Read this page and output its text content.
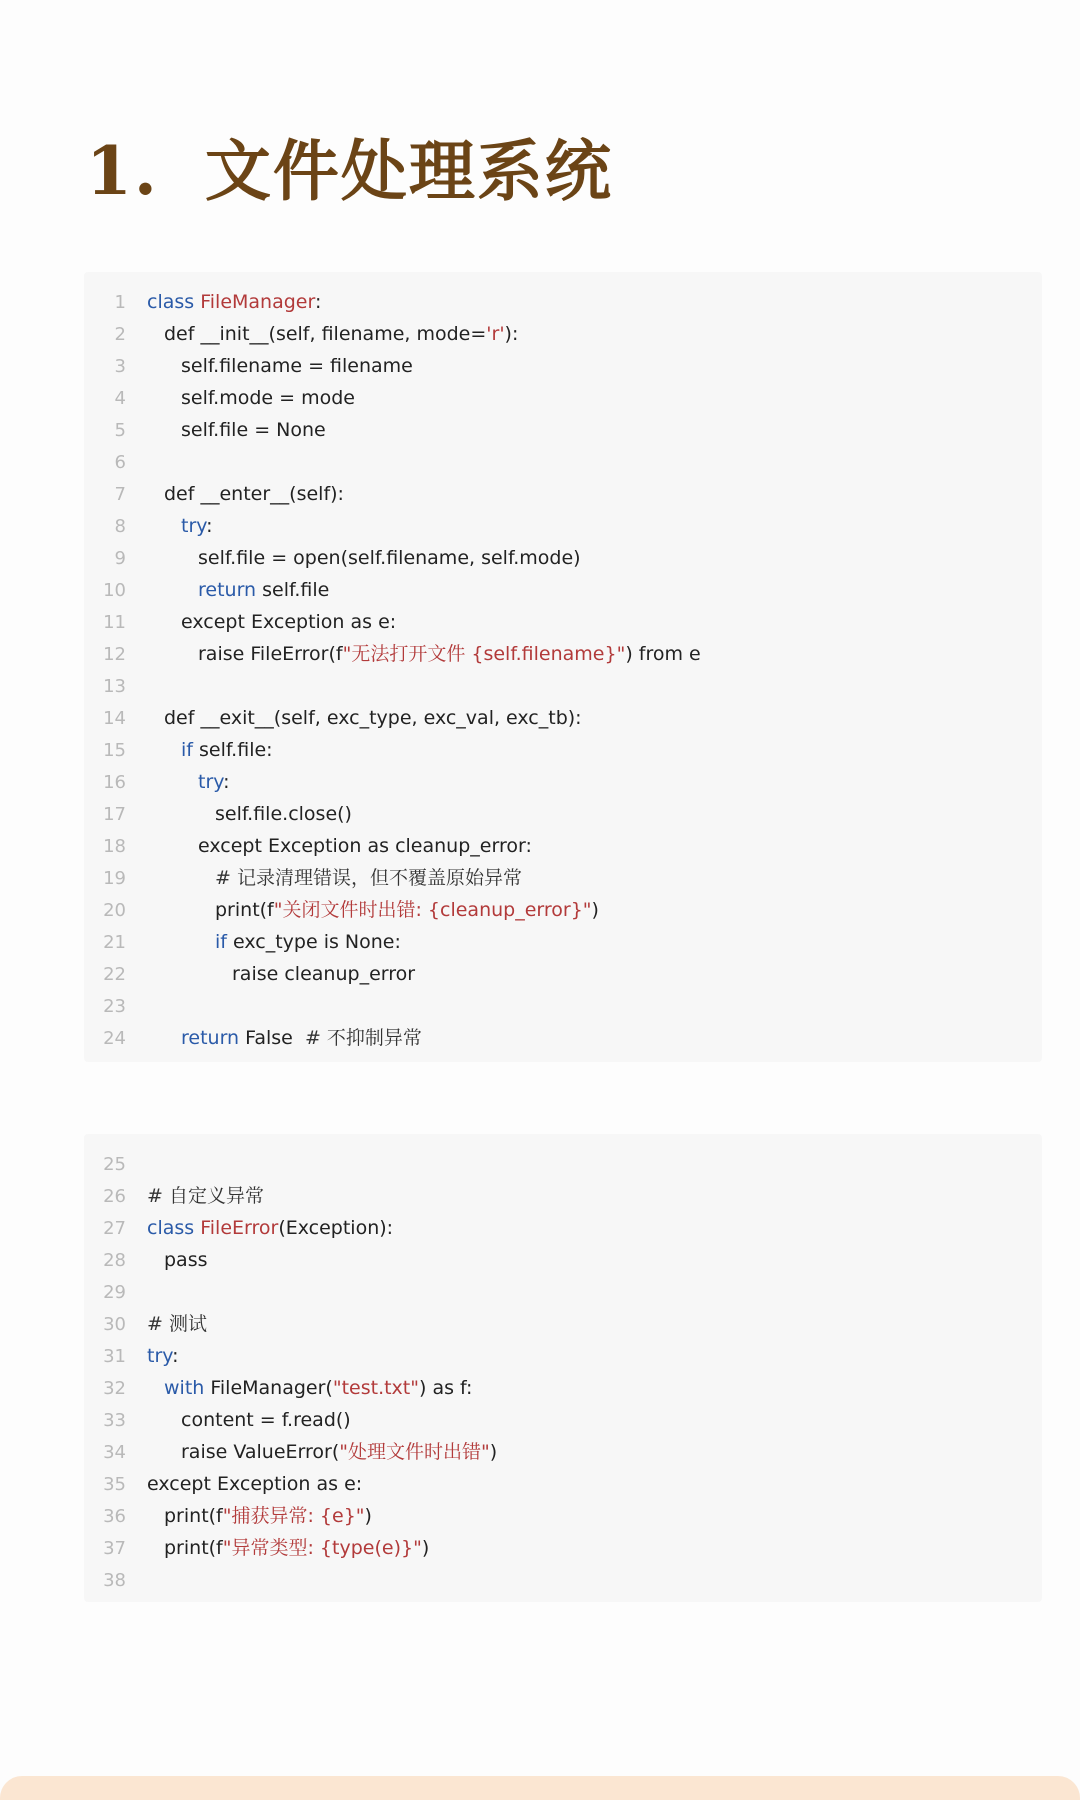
1. 文件处理系统
1 class FileManager:
2 def __init__(self, filename, mode='r'):
3	self.filename = filename
4	self.mode = mode
5	self.file = None
6
7 def __enter__(self):
8	try:
9	self.file = open(self.filename, self.mode)
10	return self.file
11	except Exception as e:
12	raise FileError(f"无法打开文件 {self.filename}") from e
13
14 def __exit__(self, exc_type, exc_val, exc_tb):
15	if self.file:
16	try:
17	self.file.close()
18	except Exception as cleanup_error:
19	# 记录清理错误，但不覆盖原始异常
20	print(f"关闭文件时出错: {cleanup_error}")
21	if exc_type is None:
22	raise cleanup_error
23
24	return False  # 不抑制异常
25
26 # 自定义异常
27 class FileError(Exception):
28 pass
29
30 # 测试
31 try:
32 with FileManager("test.txt") as f:
33	content = f.read()
34	raise ValueError("处理文件时出错")
35 except Exception as e:
36 print(f"捕获异常: {e}")
37 print(f"异常类型: {type(e)}")
38
